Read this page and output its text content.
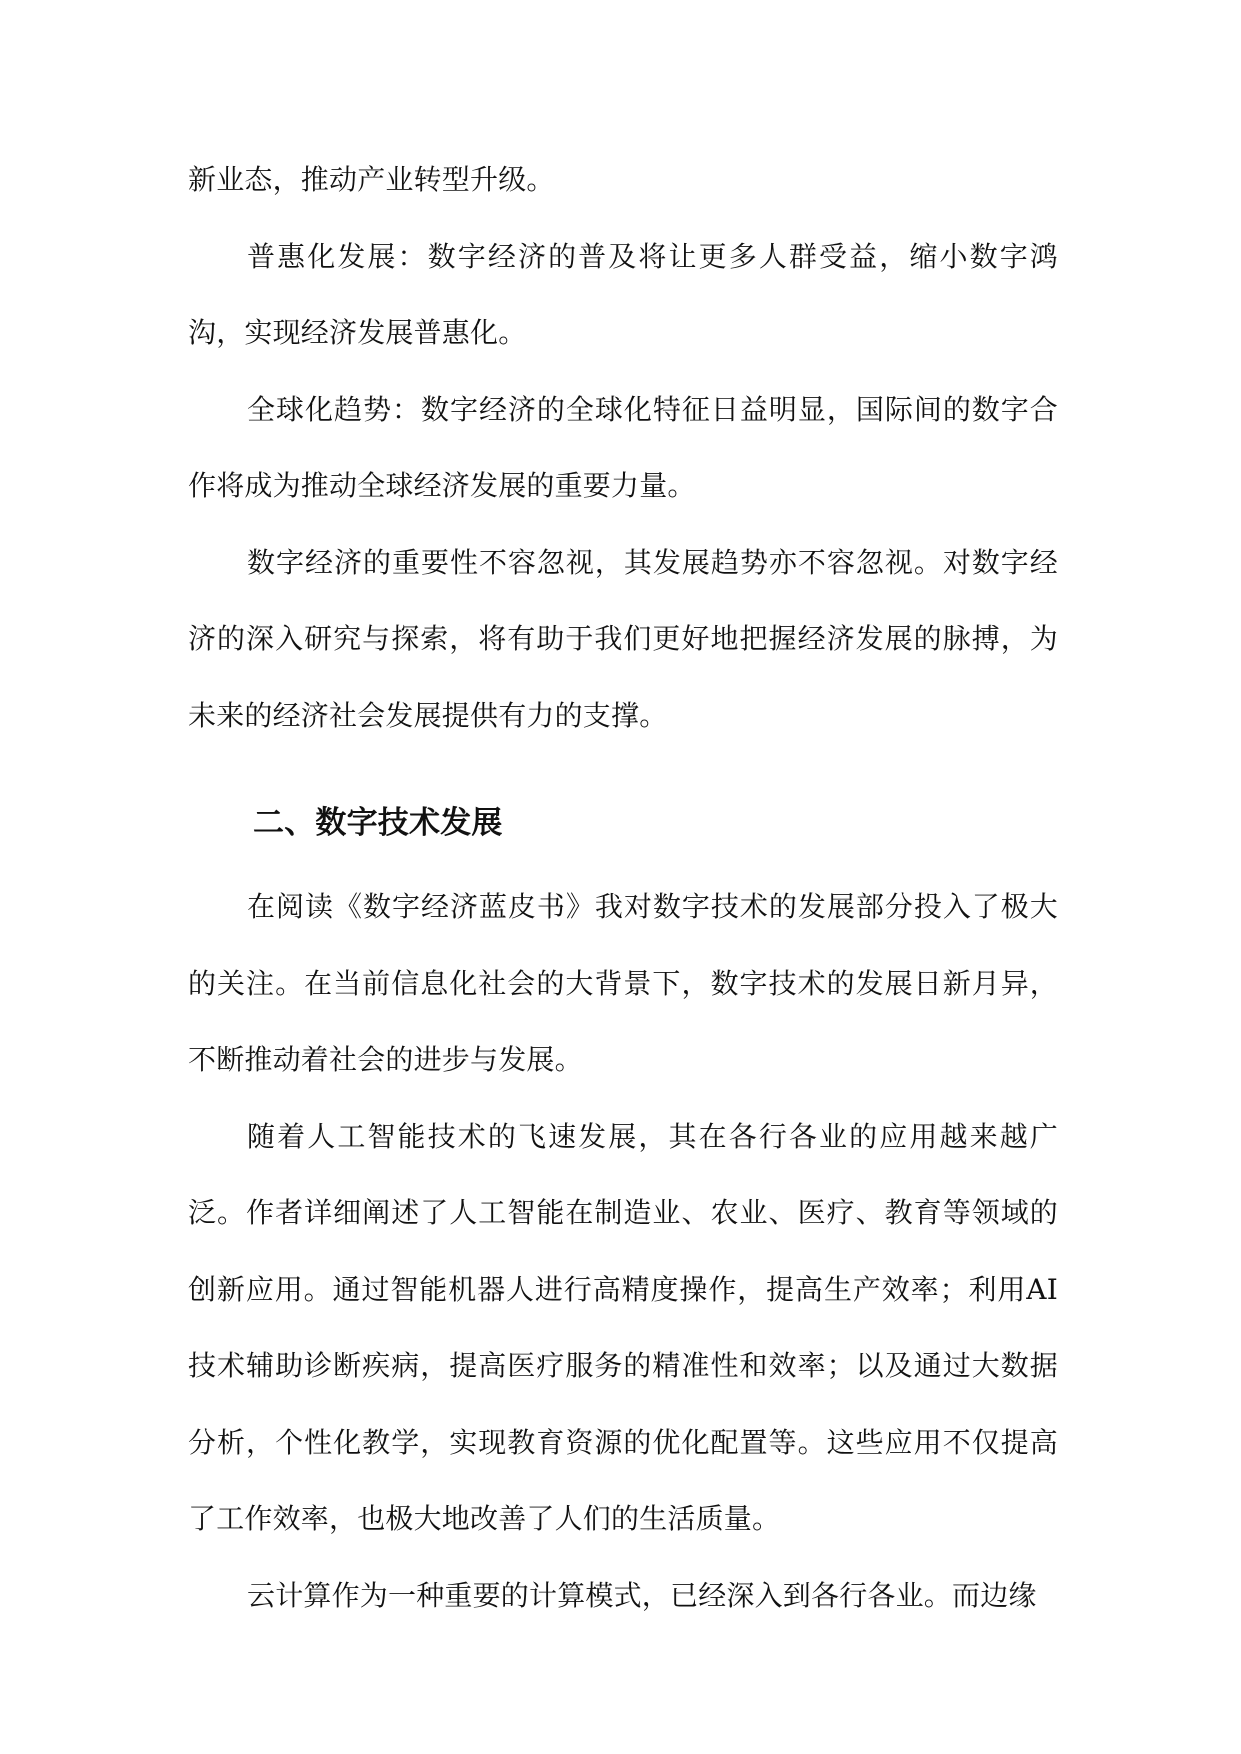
新业态，推动产业转型升级。

普惠化发展：数字经济的普及将让更多人群受益，缩小数字鸿沟，实现经济发展普惠化。

全球化趋势：数字经济的全球化特征日益明显，国际间的数字合作将成为推动全球经济发展的重要力量。

数字经济的重要性不容忽视，其发展趋势亦不容忽视。对数字经济的深入研究与探索，将有助于我们更好地把握经济发展的脉搏，为未来的经济社会发展提供有力的支撑。

二、数字技术发展

在阅读《数字经济蓝皮书》我对数字技术的发展部分投入了极大的关注。在当前信息化社会的大背景下，数字技术的发展日新月异，不断推动着社会的进步与发展。

随着人工智能技术的飞速发展，其在各行各业的应用越来越广泛。作者详细阐述了人工智能在制造业、农业、医疗、教育等领域的创新应用。通过智能机器人进行高精度操作，提高生产效率；利用AI技术辅助诊断疾病，提高医疗服务的精准性和效率；以及通过大数据分析，个性化教学，实现教育资源的优化配置等。这些应用不仅提高了工作效率，也极大地改善了人们的生活质量。

云计算作为一种重要的计算模式，已经深入到各行各业。而边缘
